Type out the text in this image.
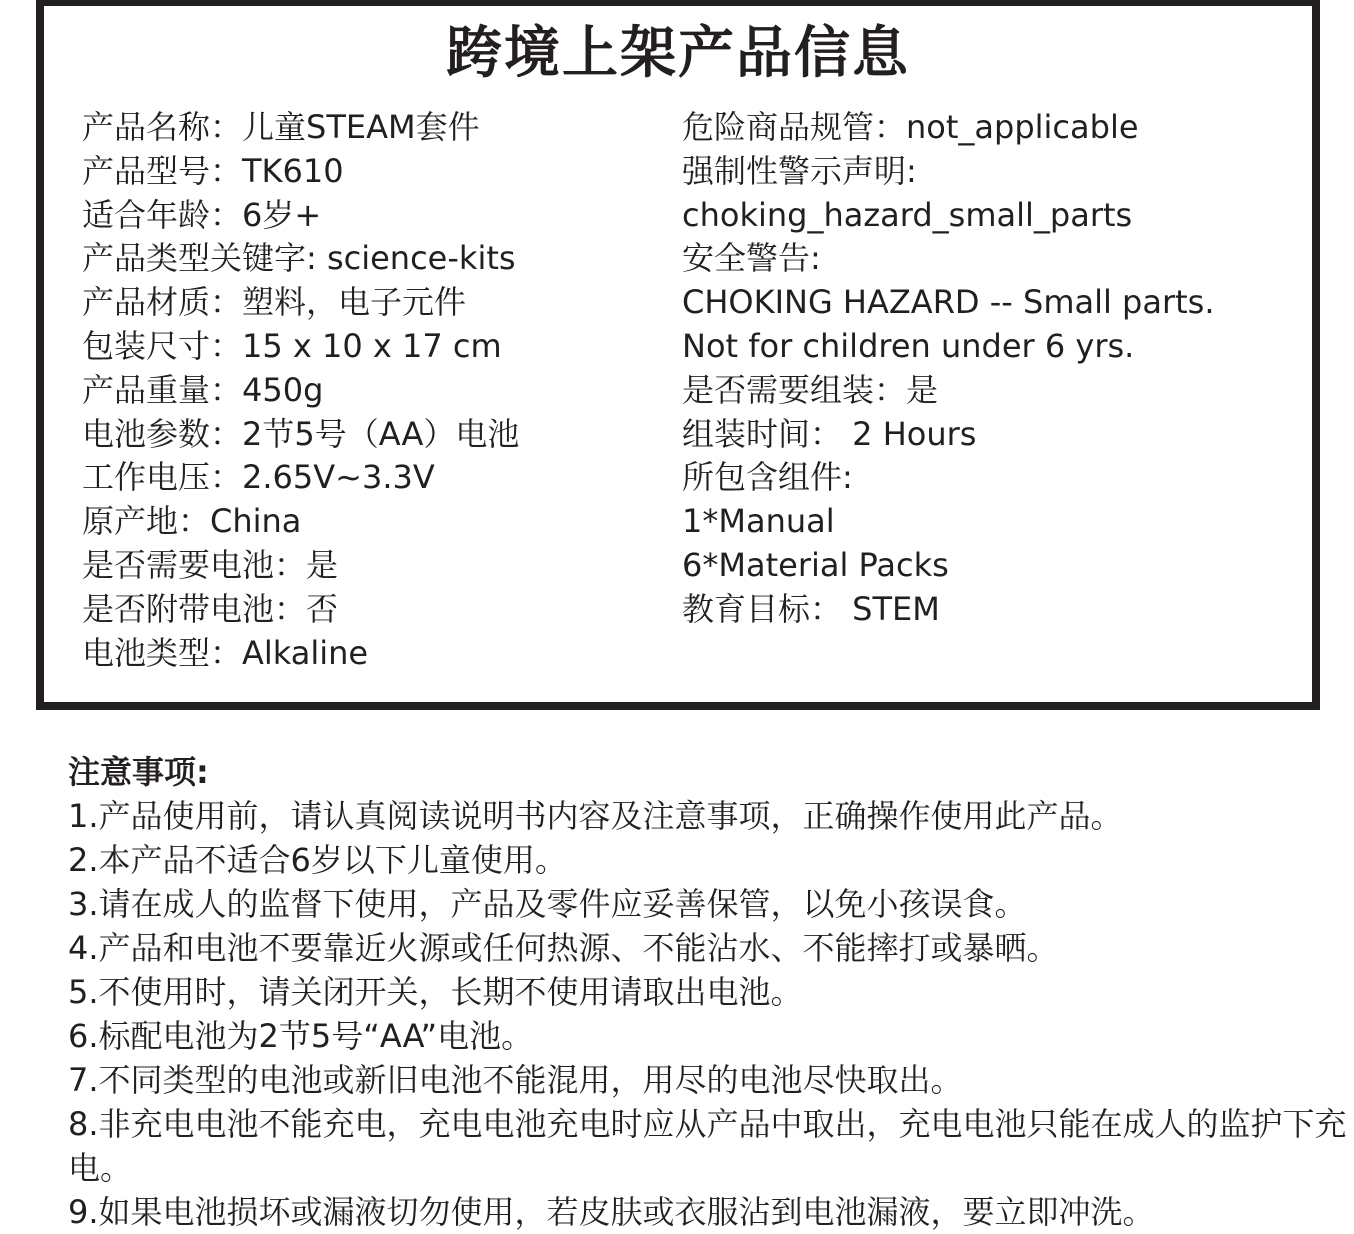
跨境上架产品信息
产品名称：儿童STEAM套件
产品型号：TK610
适合年龄：6岁+
产品类型关键字: science-kits
产品材质：塑料，电子元件
包装尺寸：15 x 10 x 17 cm
产品重量：450g
电池参数：2节5号（AA）电池
工作电压：2.65V~3.3V
原产地：China
是否需要电池：是
是否附带电池：否
电池类型：Alkaline
危险商品规管：not_applicable
强制性警示声明:
choking_hazard_small_parts
安全警告:
CHOKING HAZARD -- Small parts.
Not for children under 6 yrs.
是否需要组装：是
组装时间： 2 Hours
所包含组件:
1*Manual
6*Material Packs
教育目标： STEM
注意事项:
1.产品使用前，请认真阅读说明书内容及注意事项，正确操作使用此产品。
2.本产品不适合6岁以下儿童使用。
3.请在成人的监督下使用，产品及零件应妥善保管，以免小孩误食。
4.产品和电池不要靠近火源或任何热源、不能沾水、不能摔打或暴晒。
5.不使用时，请关闭开关，长期不使用请取出电池。
6.标配电池为2节5号“AA”电池。
7.不同类型的电池或新旧电池不能混用，用尽的电池尽快取出。
8.非充电电池不能充电，充电电池充电时应从产品中取出，充电电池只能在成人的监护下充电。
9.如果电池损坏或漏液切勿使用，若皮肤或衣服沾到电池漏液，要立即冲洗。
